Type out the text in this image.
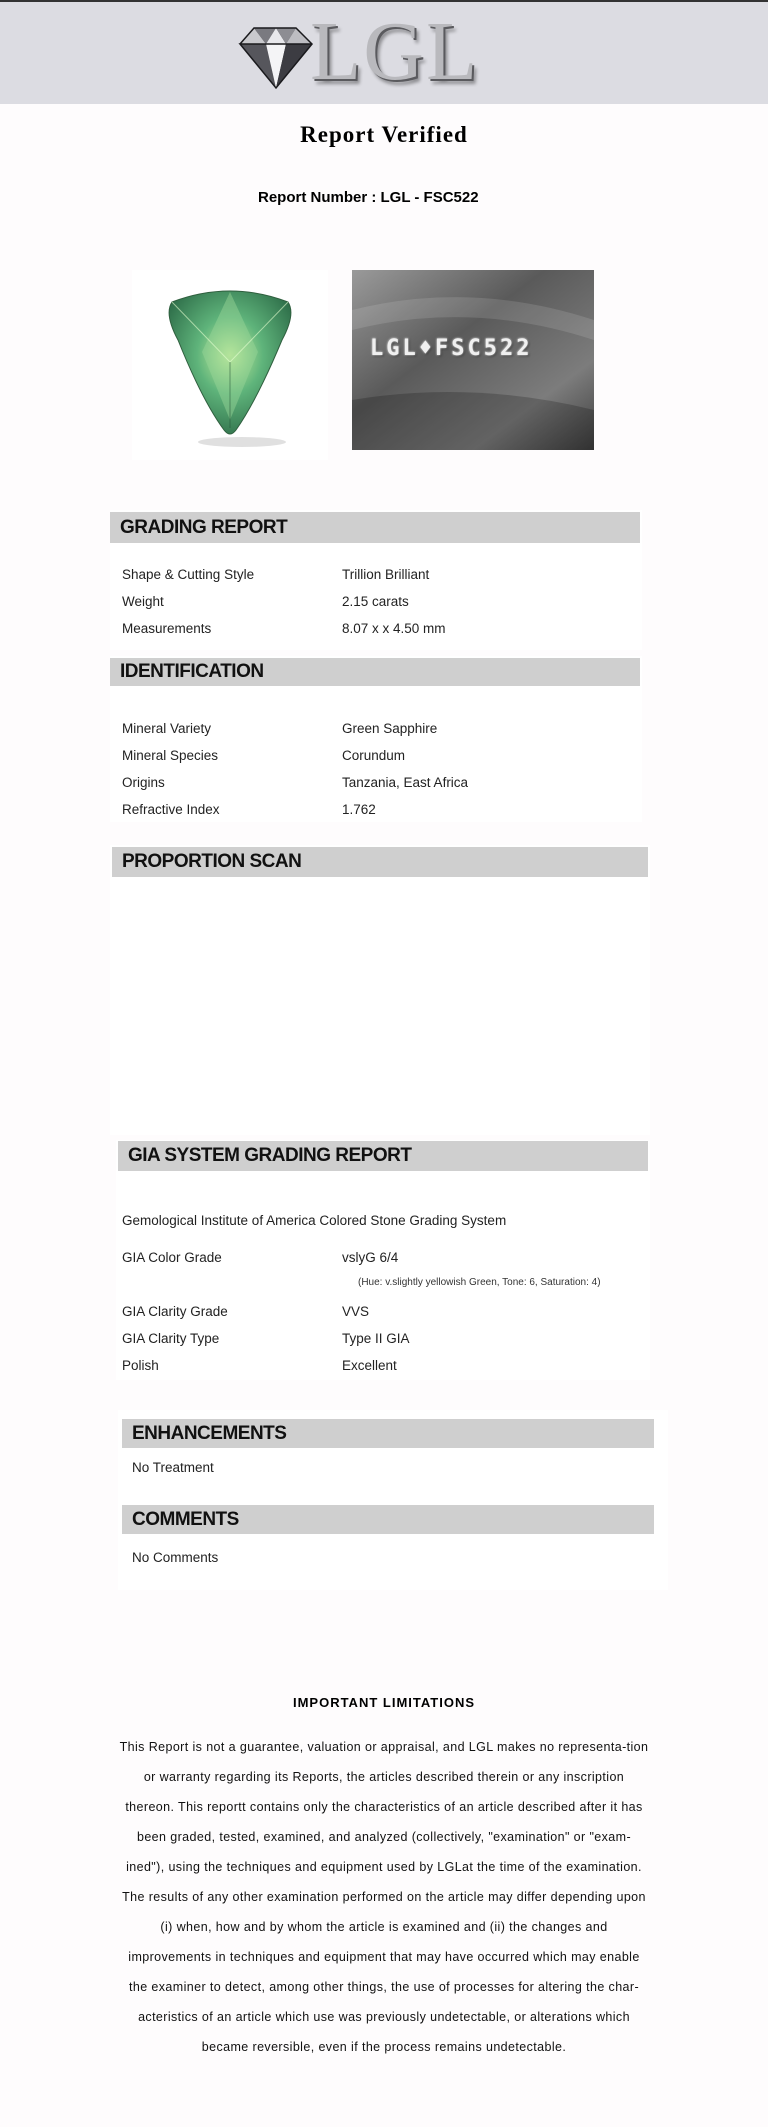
LGL
Report Verified
Report Number : LGL - FSC522
LGL♦FSC522
GRADING REPORT
Shape & Cutting Style	Trillion Brilliant
Weight	2.15 carats
Measurements	8.07 x x 4.50 mm
IDENTIFICATION
Mineral Variety	Green Sapphire
Mineral Species	Corundum
Origins	Tanzania, East Africa
Refractive Index	1.762
PROPORTION SCAN
GIA SYSTEM GRADING REPORT
Gemological Institute of America Colored Stone Grading System
GIA Color Grade	vslyG 6/4
(Hue: v.slightly yellowish Green, Tone: 6, Saturation: 4)
GIA Clarity Grade	VVS
GIA Clarity Type	Type II GIA
Polish	Excellent
ENHANCEMENTS
No Treatment
COMMENTS
No Comments
IMPORTANT LIMITATIONS
This Report is not a guarantee, valuation or appraisal, and LGL makes no representa-tion or warranty regarding its Reports, the articles described therein or any inscription thereon. This reportt contains only the characteristics of an article described after it has been graded, tested, examined, and analyzed (collectively, "examination" or "exam-ined"), using the techniques and equipment used by LGLat the time of the examination. The results of any other examination performed on the article may differ depending upon (i) when, how and by whom the article is examined and (ii) the changes and improvements in techniques and equipment that may have occurred which may enable the examiner to detect, among other things, the use of processes for altering the char-acteristics of an article which use was previously undetectable, or alterations which became reversible, even if the process remains undetectable.
